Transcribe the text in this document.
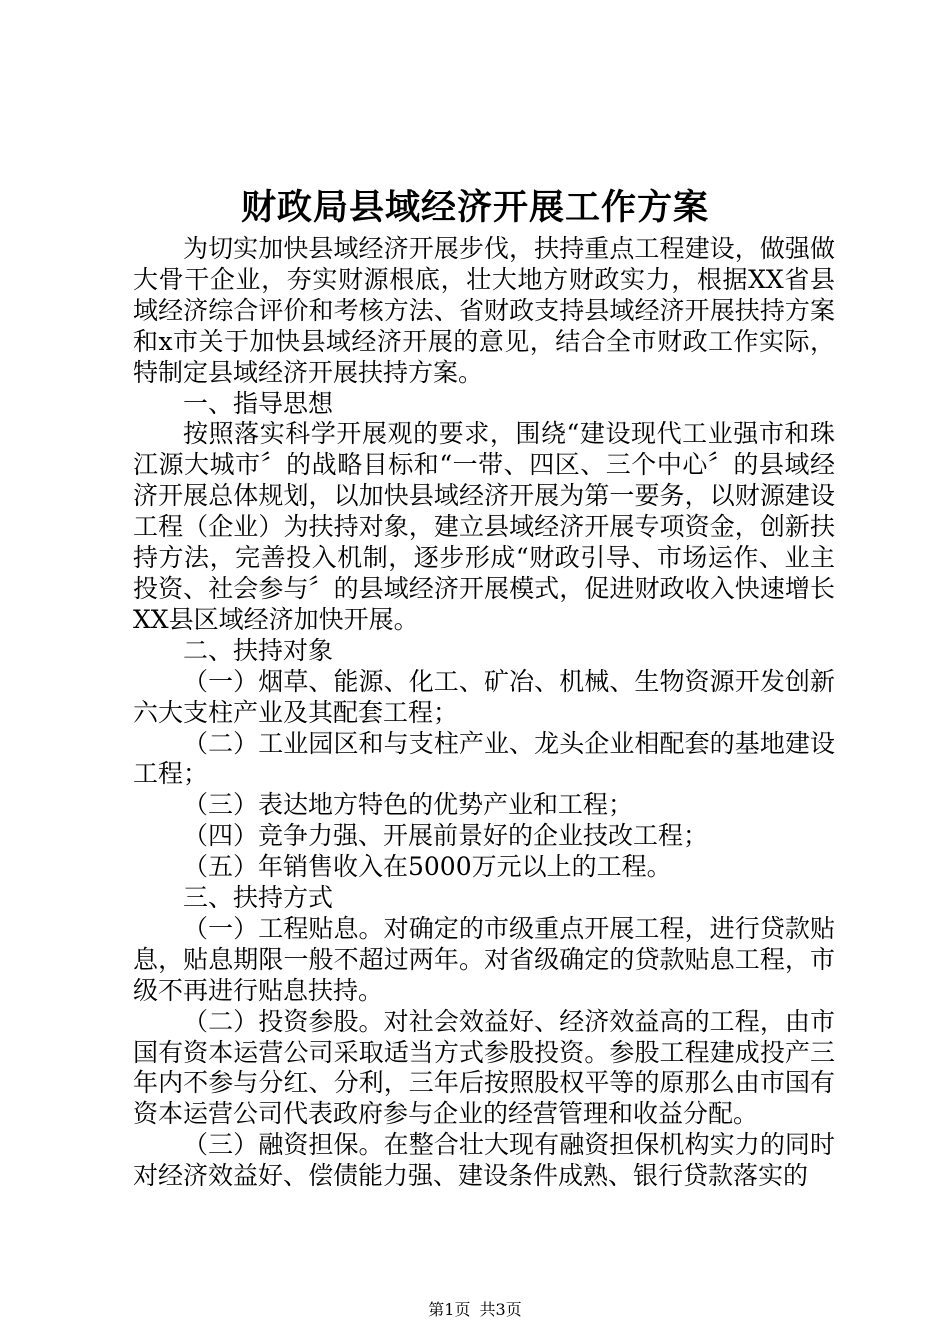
财政局县域经济开展工作方案

为切实加快县域经济开展步伐，扶持重点工程建设，做强做大骨干企业，夯实财源根底，壮大地方财政实力，根据XX省县域经济综合评价和考核方法、省财政支持县域经济开展扶持方案和x市关于加快县域经济开展的意见，结合全市财政工作实际，特制定县域经济开展扶持方案。

一、指导思想

按照落实科学开展观的要求，围绕“建设现代工业强市和珠江源大城市〞的战略目标和“一带、四区、三个中心〞的县域经济开展总体规划，以加快县域经济开展为第一要务，以财源建设工程（企业）为扶持对象，建立县域经济开展专项资金，创新扶持方法，完善投入机制，逐步形成“财政引导、市场运作、业主投资、社会参与〞的县域经济开展模式，促进财政收入快速增长XX县区域经济加快开展。

二、扶持对象

（一）烟草、能源、化工、矿冶、机械、生物资源开发创新六大支柱产业及其配套工程；

（二）工业园区和与支柱产业、龙头企业相配套的基地建设工程；

（三）表达地方特色的优势产业和工程；

（四）竞争力强、开展前景好的企业技改工程；

（五）年销售收入在5000万元以上的工程。

三、扶持方式

（一）工程贴息。对确定的市级重点开展工程，进行贷款贴息，贴息期限一般不超过两年。对省级确定的贷款贴息工程，市级不再进行贴息扶持。

（二）投资参股。对社会效益好、经济效益高的工程，由市国有资本运营公司采取适当方式参股投资。参股工程建成投产三年内不参与分红、分利，三年后按照股权平等的原那么由市国有资本运营公司代表政府参与企业的经营管理和收益分配。

（三）融资担保。在整合壮大现有融资担保机构实力的同时对经济效益好、偿债能力强、建设条件成熟、银行贷款落实的

第1页 共3页
